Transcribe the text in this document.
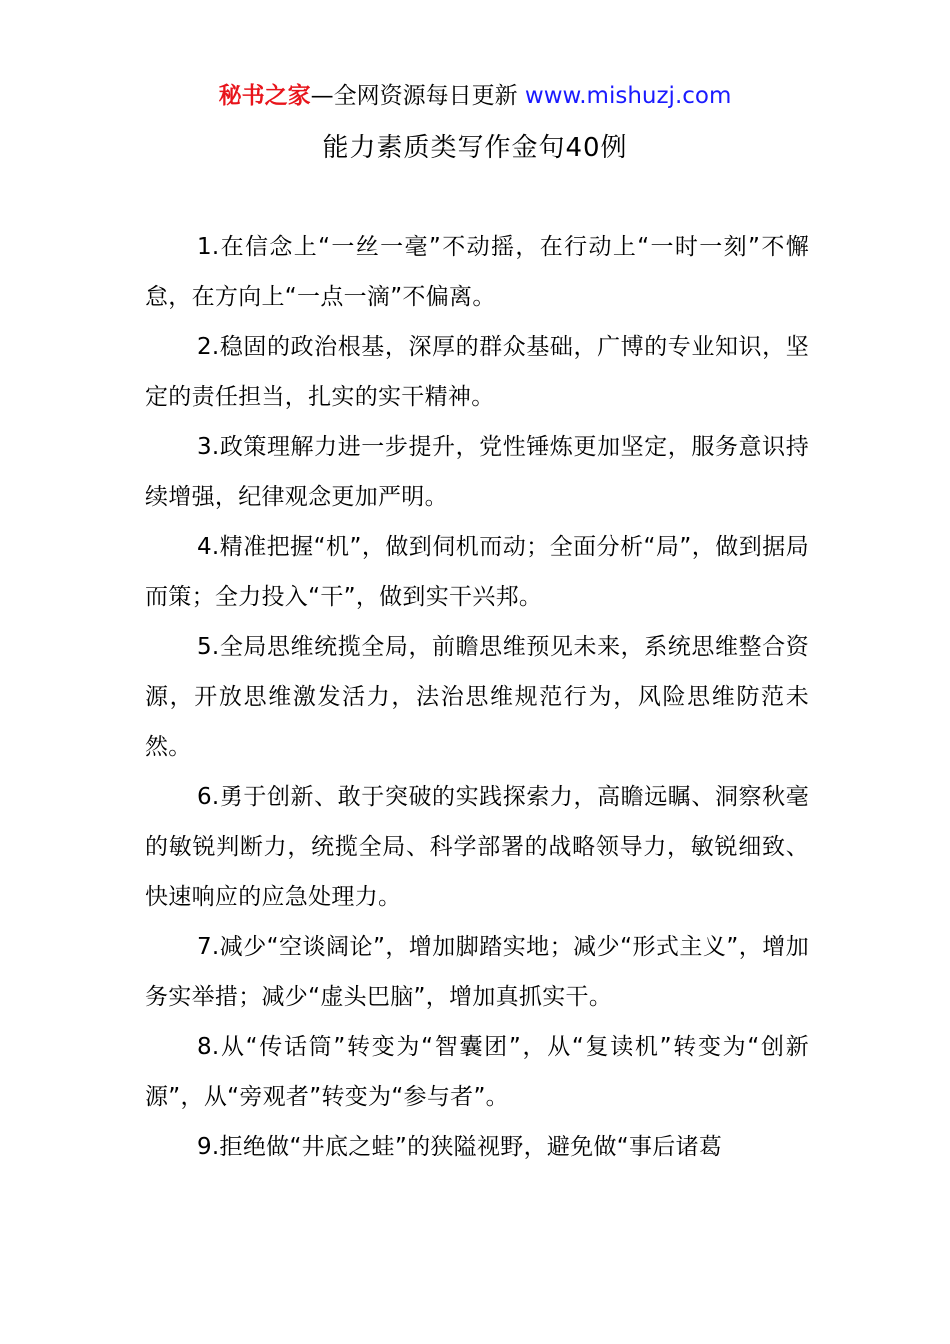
秘书之家—全网资源每日更新 www.mishuzj.com
能力素质类写作金句40例

1.在信念上“一丝一毫”不动摇，在行动上“一时一刻”不懈怠，在方向上“一点一滴”不偏离。

2.稳固的政治根基，深厚的群众基础，广博的专业知识，坚定的责任担当，扎实的实干精神。

3.政策理解力进一步提升，党性锤炼更加坚定，服务意识持续增强，纪律观念更加严明。

4.精准把握“机”，做到伺机而动；全面分析“局”，做到据局而策；全力投入“干”，做到实干兴邦。

5.全局思维统揽全局，前瞻思维预见未来，系统思维整合资源，开放思维激发活力，法治思维规范行为，风险思维防范未然。

6.勇于创新、敢于突破的实践探索力，高瞻远瞩、洞察秋毫的敏锐判断力，统揽全局、科学部署的战略领导力，敏锐细致、快速响应的应急处理力。

7.减少“空谈阔论”，增加脚踏实地；减少“形式主义”，增加务实举措；减少“虚头巴脑”，增加真抓实干。

8.从“传话筒”转变为“智囊团”，从“复读机”转变为“创新源”，从“旁观者”转变为“参与者”。

9.拒绝做“井底之蛙”的狭隘视野，避免做“事后诸葛
